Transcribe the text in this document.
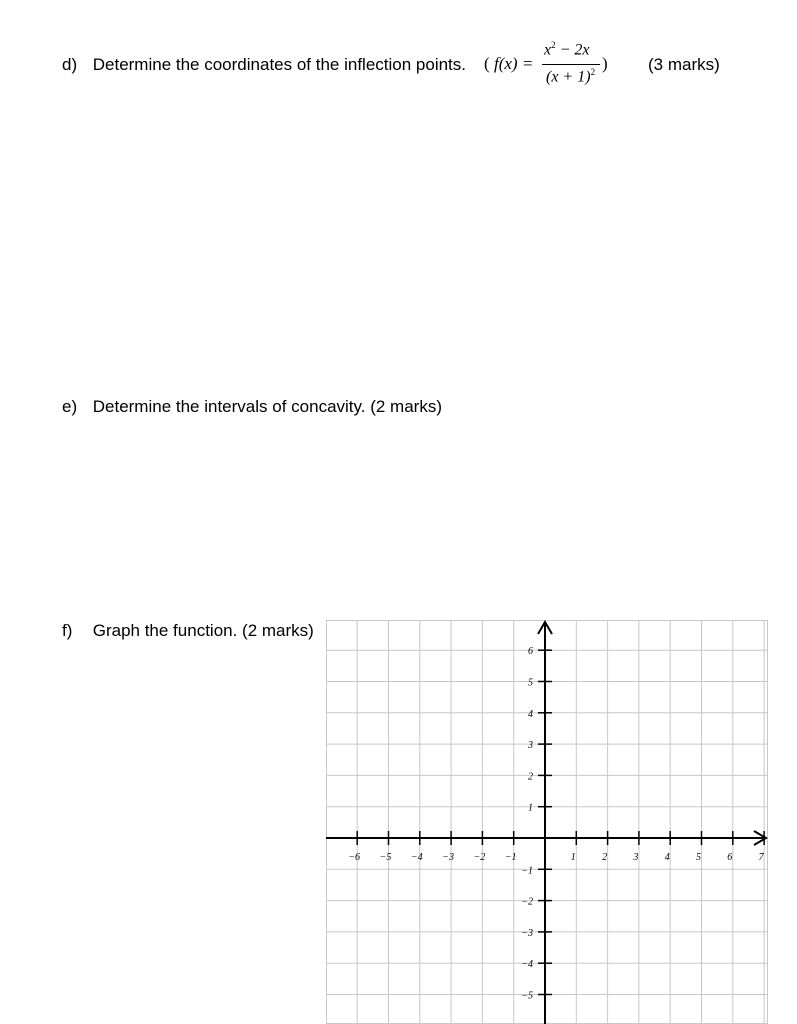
d) Determine the coordinates of the inflection points. ( f(x) =
$x^2 - 2x$
$(x + 1)^2$ ) (3 marks)
e) Determine the intervals of concavity. (2 marks)
f) Graph the function. (2 marks)
−6 −5 −4 −3 −2 −1	1	2	3	4	5	6	7
6
5
4
3
2
1
−1
−2
−3
−4
−5
